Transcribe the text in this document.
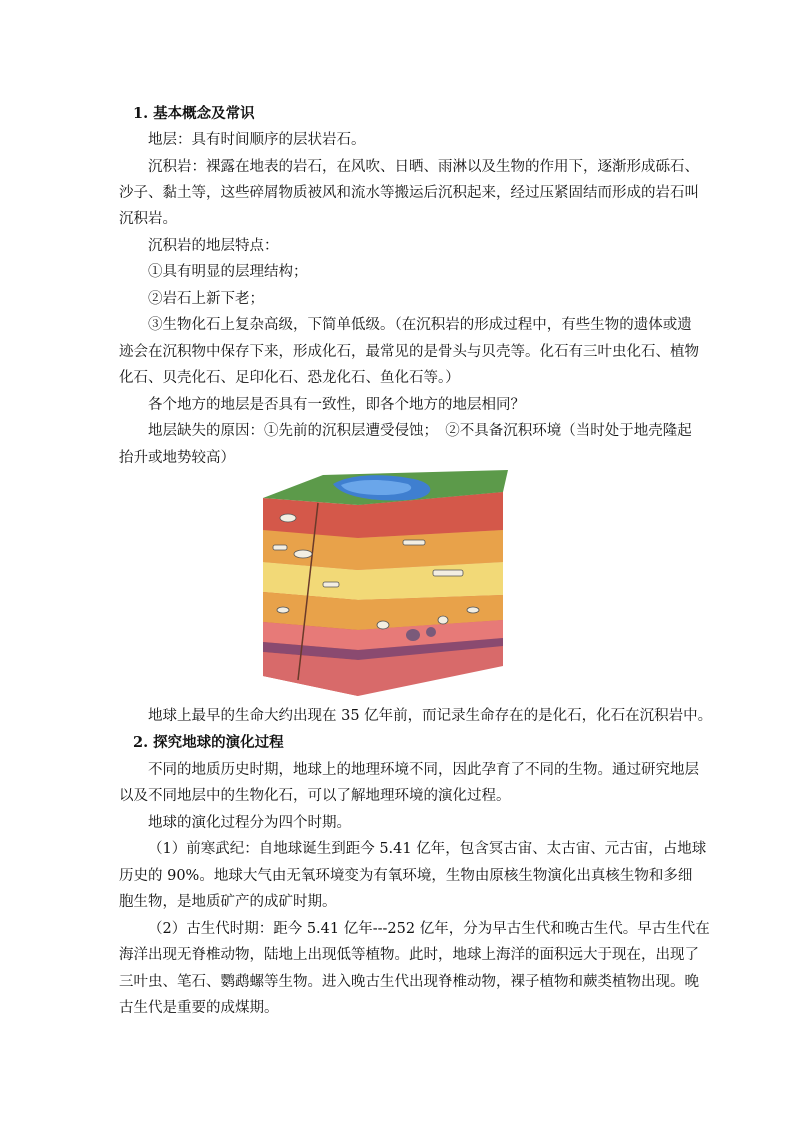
1. 基本概念及常识
地层：具有时间顺序的层状岩石。
沉积岩：裸露在地表的岩石，在风吹、日晒、雨淋以及生物的作用下，逐渐形成砾石、
沙子、黏土等，这些碎屑物质被风和流水等搬运后沉积起来，经过压紧固结而形成的岩石叫
沉积岩。
沉积岩的地层特点：
①具有明显的层理结构；
②岩石上新下老；
③生物化石上复杂高级，下简单低级。（在沉积岩的形成过程中，有些生物的遗体或遗
迹会在沉积物中保存下来，形成化石，最常见的是骨头与贝壳等。化石有三叶虫化石、植物
化石、贝壳化石、足印化石、恐龙化石、鱼化石等。）
各个地方的地层是否具有一致性，即各个地方的地层相同？
地层缺失的原因：①先前的沉积层遭受侵蚀；　②不具备沉积环境（当时处于地壳隆起
抬升或地势较高）
地球上最早的生命大约出现在 35 亿年前，而记录生命存在的是化石，化石在沉积岩中。
2. 探究地球的演化过程
不同的地质历史时期，地球上的地理环境不同，因此孕育了不同的生物。通过研究地层
以及不同地层中的生物化石，可以了解地理环境的演化过程。
地球的演化过程分为四个时期。
（1）前寒武纪：自地球诞生到距今 5.41 亿年，包含冥古宙、太古宙、元古宙，占地球
历史的 90%。地球大气由无氧环境变为有氧环境，生物由原核生物演化出真核生物和多细
胞生物，是地质矿产的成矿时期。
（2）古生代时期：距今 5.41 亿年---252 亿年，分为早古生代和晚古生代。早古生代在
海洋出现无脊椎动物，陆地上出现低等植物。此时，地球上海洋的面积远大于现在，出现了
三叶虫、笔石、鹦鹉螺等生物。进入晚古生代出现脊椎动物，裸子植物和蕨类植物出现。晚
古生代是重要的成煤期。
